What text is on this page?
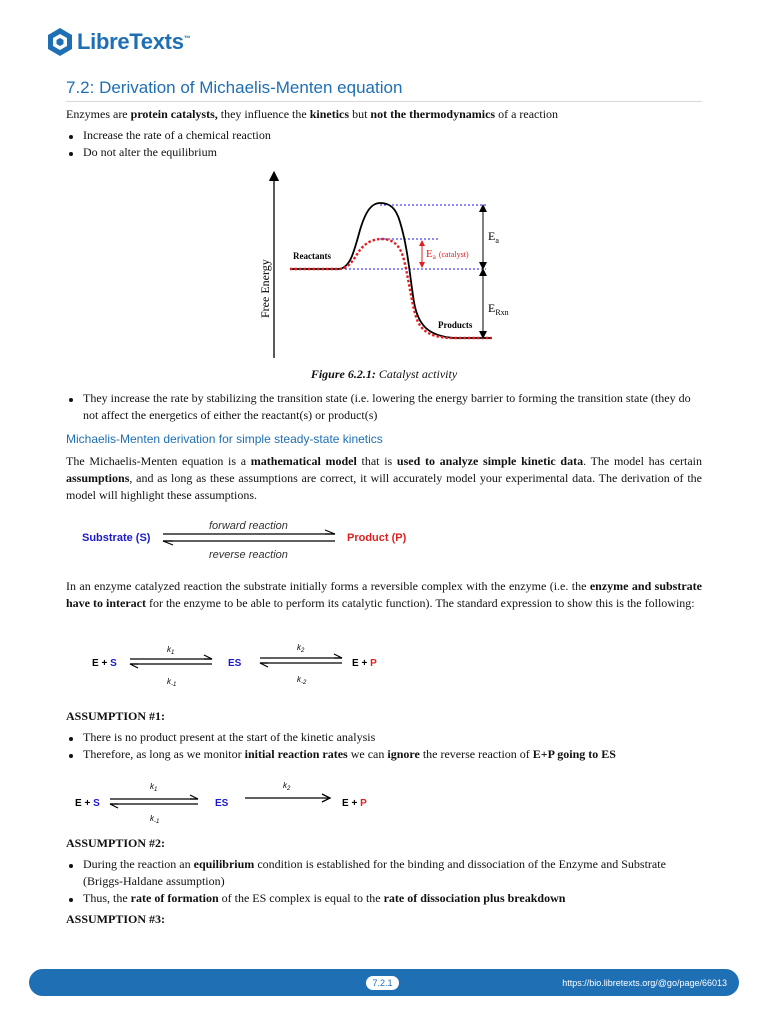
LibreTexts™
7.2: Derivation of Michaelis-Menten equation

Enzymes are protein catalysts, they influence the kinetics but not the thermodynamics of a reaction

Increase the rate of a chemical reaction
Do not alter the equilibrium
Free Energy
Reactants
Products
$E_a$
$E_{Rxn}$
Ea (catalyst)

Figure 6.2.1: Catalyst activity

They increase the rate by stabilizing the transition state (i.e. lowering the energy barrier to forming the transition state (they do not affect the energetics of either the reactant(s) or product(s)
Michaelis-Menten derivation for simple steady-state kinetics

The Michaelis-Menten equation is a mathematical model that is used to analyze simple kinetic data. The model has certain assumptions, and as long as these assumptions are correct, it will accurately model your experimental data. The derivation of the model will highlight these assumptions.

Substrate (S)	Product (P)
forward reaction
reverse reaction

In an enzyme catalyzed reaction the substrate initially forms a reversible complex with the enzyme (i.e. the enzyme and substrate have to interact for the enzyme to be able to perform its catalytic function). The standard expression to show this is the following:

E + S	ES	E + P
$k_1$
$k_{-1}$
$k_2$
$k_{-2}$

ASSUMPTION #1:

There is no product present at the start of the kinetic analysis
Therefore, as long as we monitor initial reaction rates we can ignore the reverse reaction of E+P going to ES
E + S	ES	E + P
$k_1$
$k_{-1}$
$k_2$

ASSUMPTION #2:

During the reaction an equilibrium condition is established for the binding and dissociation of the Enzyme and Substrate (Briggs-Haldane assumption)
Thus, the rate of formation of the ES complex is equal to the rate of dissociation plus breakdown

ASSUMPTION #3:

7.2.1	https://bio.libretexts.org/@go/page/66013
